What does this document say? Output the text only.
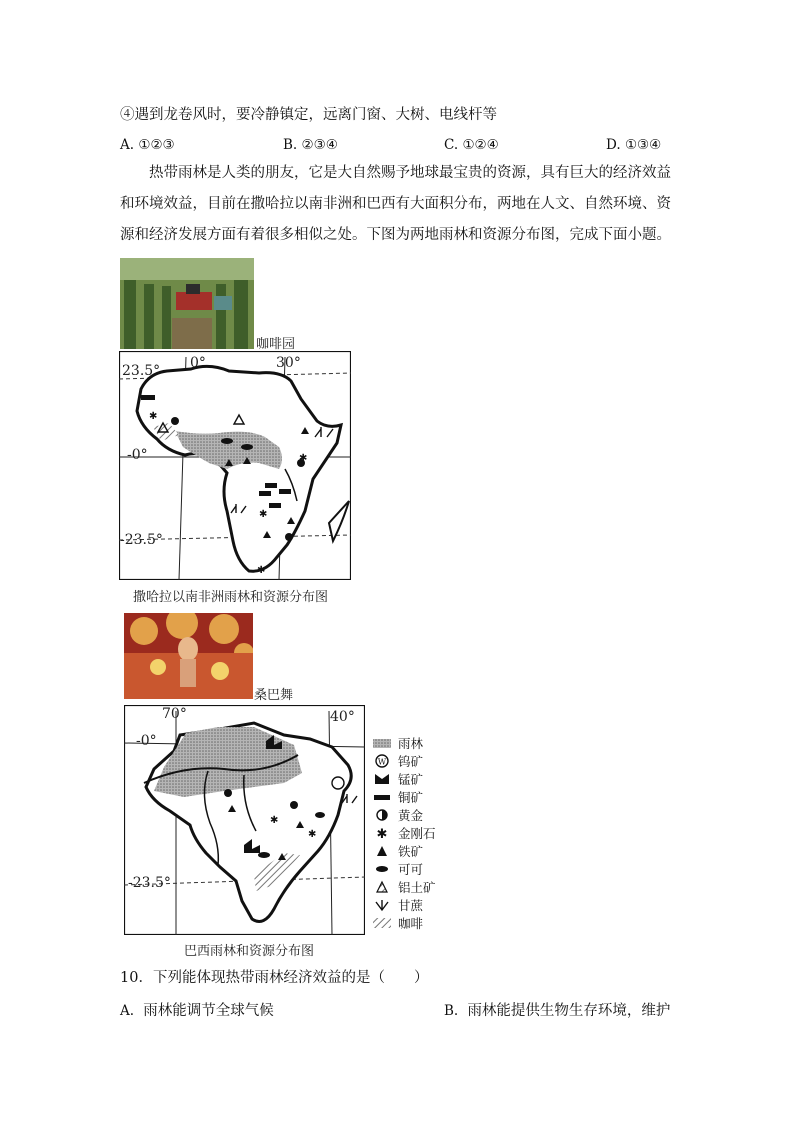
④遇到龙卷风时，要冷静镇定，远离门窗、大树、电线杆等
A. ①②③	B. ②③④	C. ①②④	D. ①③④
热带雨林是人类的朋友，它是大自然赐予地球最宝贵的资源，具有巨大的经济效益和环境效益，目前在撒哈拉以南非洲和巴西有大面积分布，两地在人文、自然环境、资源和经济发展方面有着很多相似之处。下图为两地雨林和资源分布图，完成下面小题。
咖啡园
✱
✱
✱
✱
23.5° 0°	30°
-0°
-23.5°
撒哈拉以南非洲雨林和资源分布图
桑巴舞
✱
✱
70°	40°
-0°
-23.5°
巴西雨林和资源分布图
雨林
W 钨矿
锰矿
铜矿
黄金
✱ 金刚石
铁矿
可可
铝土矿
甘蔗
咖啡
10．下列能体现热带雨林经济效益的是（　　）
A. 雨林能调节全球气候	B. 雨林能提供生物生存环境，维护
